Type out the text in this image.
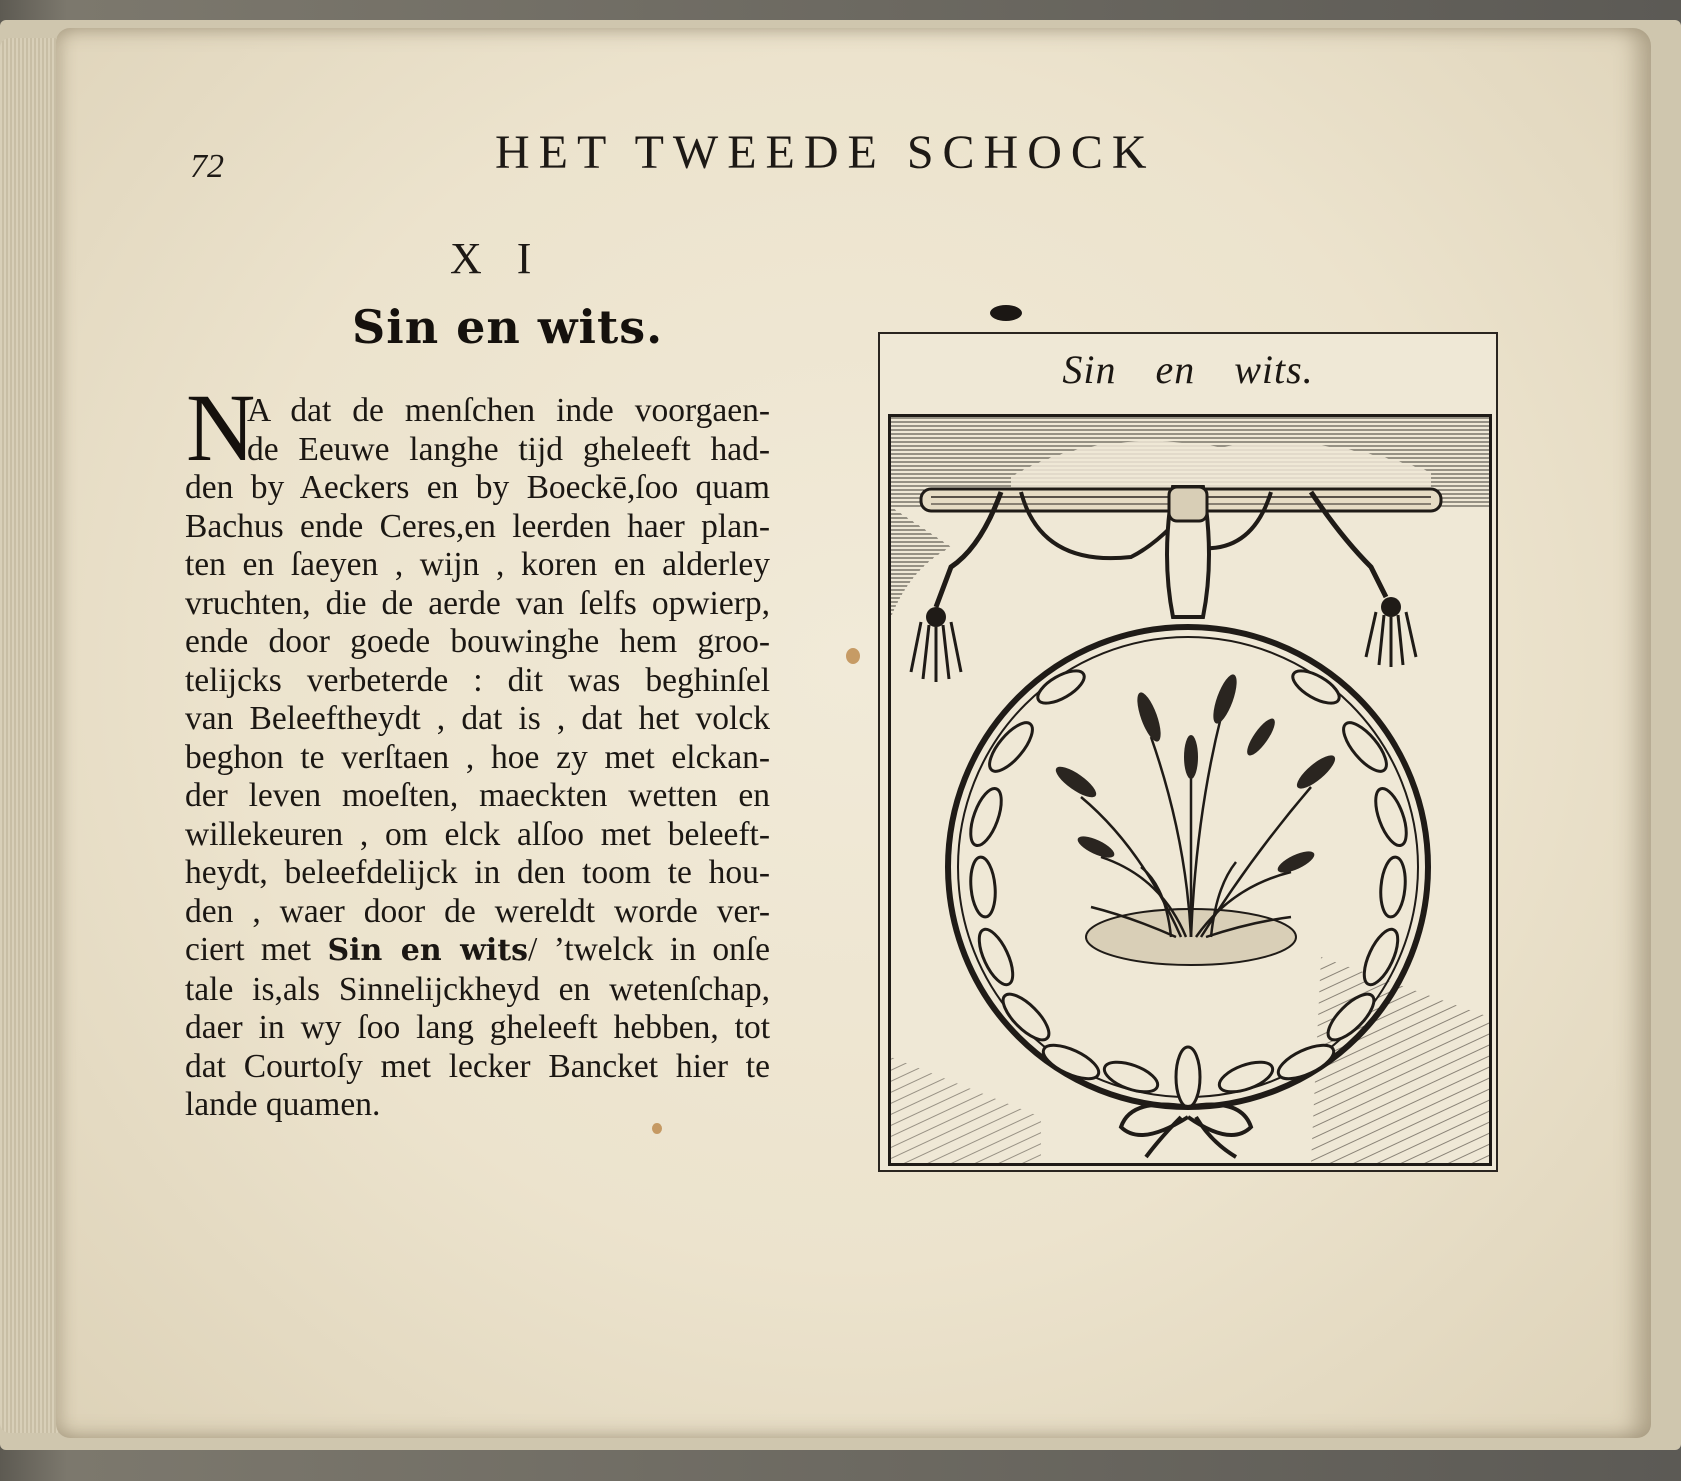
72	HET TWEEDE SCHOCK
X I
Sin en wits.
N
A dat de menſchen inde voorgaen-
de Eeuwe langhe tijd gheleeft had-
den by Aeckers en by Boeckē,ſoo quam
Bachus ende Ceres,en leerden haer plan-
ten en ſaeyen , wijn , koren en alderley
vruchten, die de aerde van ſelfs opwierp,
ende door goede bouwinghe hem groo-
telijcks verbeterde : dit was beghinſel
van Beleeftheydt , dat is , dat het volck
beghon te verſtaen , hoe zy met elckan-
der leven moeſten, maeckten wetten en
willekeuren , om elck alſoo met beleeft-
heydt, beleefdelijck in den toom te hou-
den , waer door de wereldt worde ver-
ciert met Sin en wits/ ’twelck in onſe
tale is,als Sinnelijckheyd en wetenſchap,
daer in wy ſoo lang gheleeft hebben, tot
dat Courtoſy met lecker Bancket hier te
lande quamen.
Sin en wits.
